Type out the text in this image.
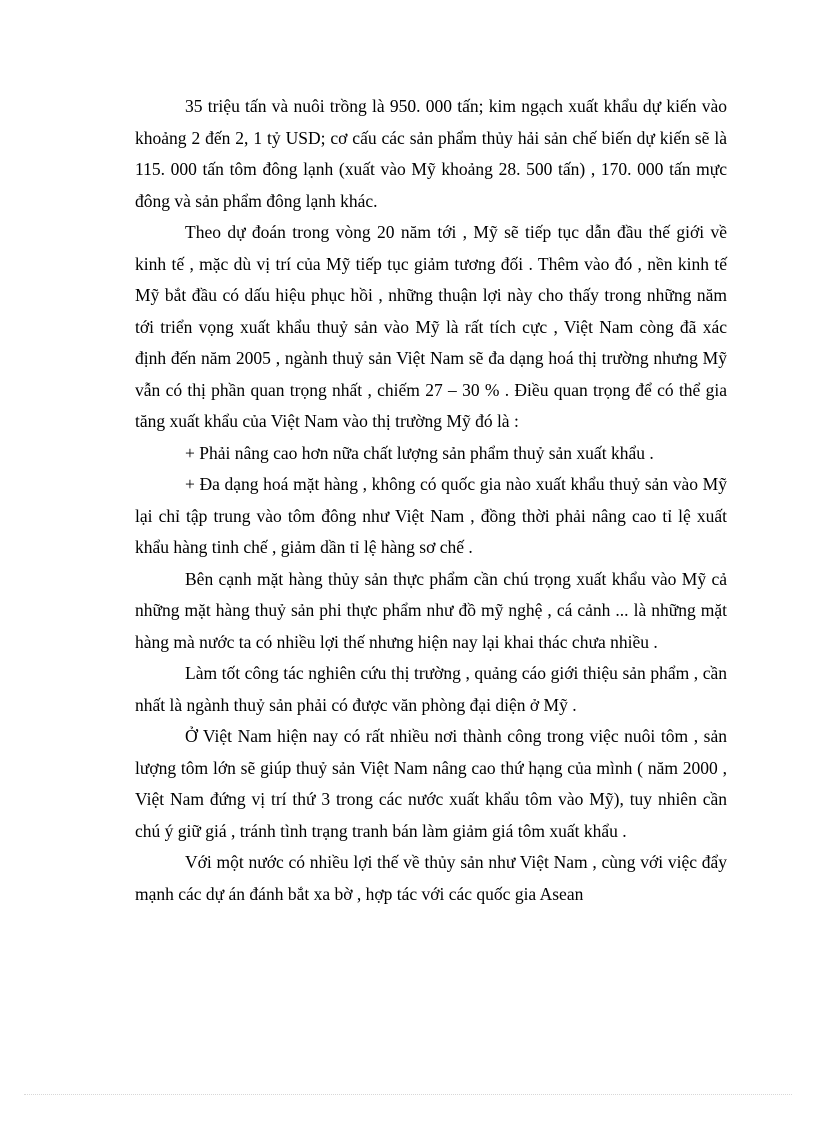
35 triệu tấn và nuôi trồng là 950. 000 tấn; kim ngạch xuất khẩu dự kiến vào khoảng 2 đến 2, 1 tỷ USD; cơ cấu các sản phẩm thủy hải sản chế biến dự kiến sẽ là 115. 000 tấn tôm đông lạnh (xuất vào Mỹ khoảng 28. 500 tấn) , 170. 000 tấn mực đông và sản phẩm đông lạnh khác.

Theo dự đoán trong vòng 20 năm tới , Mỹ sẽ tiếp tục dẫn đầu thế giới về kinh tế , mặc dù vị trí của Mỹ tiếp tục giảm tương đối . Thêm vào đó , nền kinh tế Mỹ bắt đầu có dấu hiệu phục hồi , những thuận lợi này cho thấy trong những năm tới triển vọng xuất khẩu thuỷ sản vào Mỹ là rất tích cực , Việt Nam còng đã xác định đến năm 2005 , ngành thuỷ sản Việt Nam sẽ đa dạng hoá thị trường nhưng Mỹ vẫn có thị phần quan trọng nhất , chiếm 27 – 30 % . Điều quan trọng để có thể gia tăng xuất khẩu của Việt Nam vào thị trường Mỹ đó là :

+ Phải nâng cao hơn nữa chất lượng sản phẩm thuỷ sản xuất khẩu .

+ Đa dạng hoá mặt hàng , không có quốc gia nào xuất khẩu thuỷ sản vào Mỹ lại chỉ tập trung vào tôm đông như Việt Nam , đồng thời phải nâng cao tỉ lệ xuất khẩu hàng tinh chế , giảm dần tỉ lệ hàng sơ chế .

Bên cạnh mặt hàng thủy sản thực phẩm cần chú trọng xuất khẩu vào Mỹ cả những mặt hàng thuỷ sản phi thực phẩm như đồ mỹ nghệ , cá cảnh ... là những mặt hàng mà nước ta có nhiều lợi thế nhưng hiện nay lại khai thác chưa nhiều .

Làm tốt công tác nghiên cứu thị trường , quảng cáo giới thiệu sản phẩm , cần nhất là ngành thuỷ sản phải có được văn phòng đại diện ở Mỹ .

Ở Việt Nam hiện nay có rất nhiều nơi thành công trong việc nuôi tôm , sản lượng tôm lớn sẽ giúp thuỷ sản Việt Nam nâng cao thứ hạng của mình ( năm 2000 , Việt Nam đứng vị trí thứ 3 trong các nước xuất khẩu tôm vào Mỹ), tuy nhiên cần chú ý giữ giá , tránh tình trạng tranh bán làm giảm giá tôm xuất khẩu .

Với một nước có nhiều lợi thế về thủy sản như Việt Nam , cùng với việc đẩy mạnh các dự án đánh bắt xa bờ , hợp tác với các quốc gia Asean
